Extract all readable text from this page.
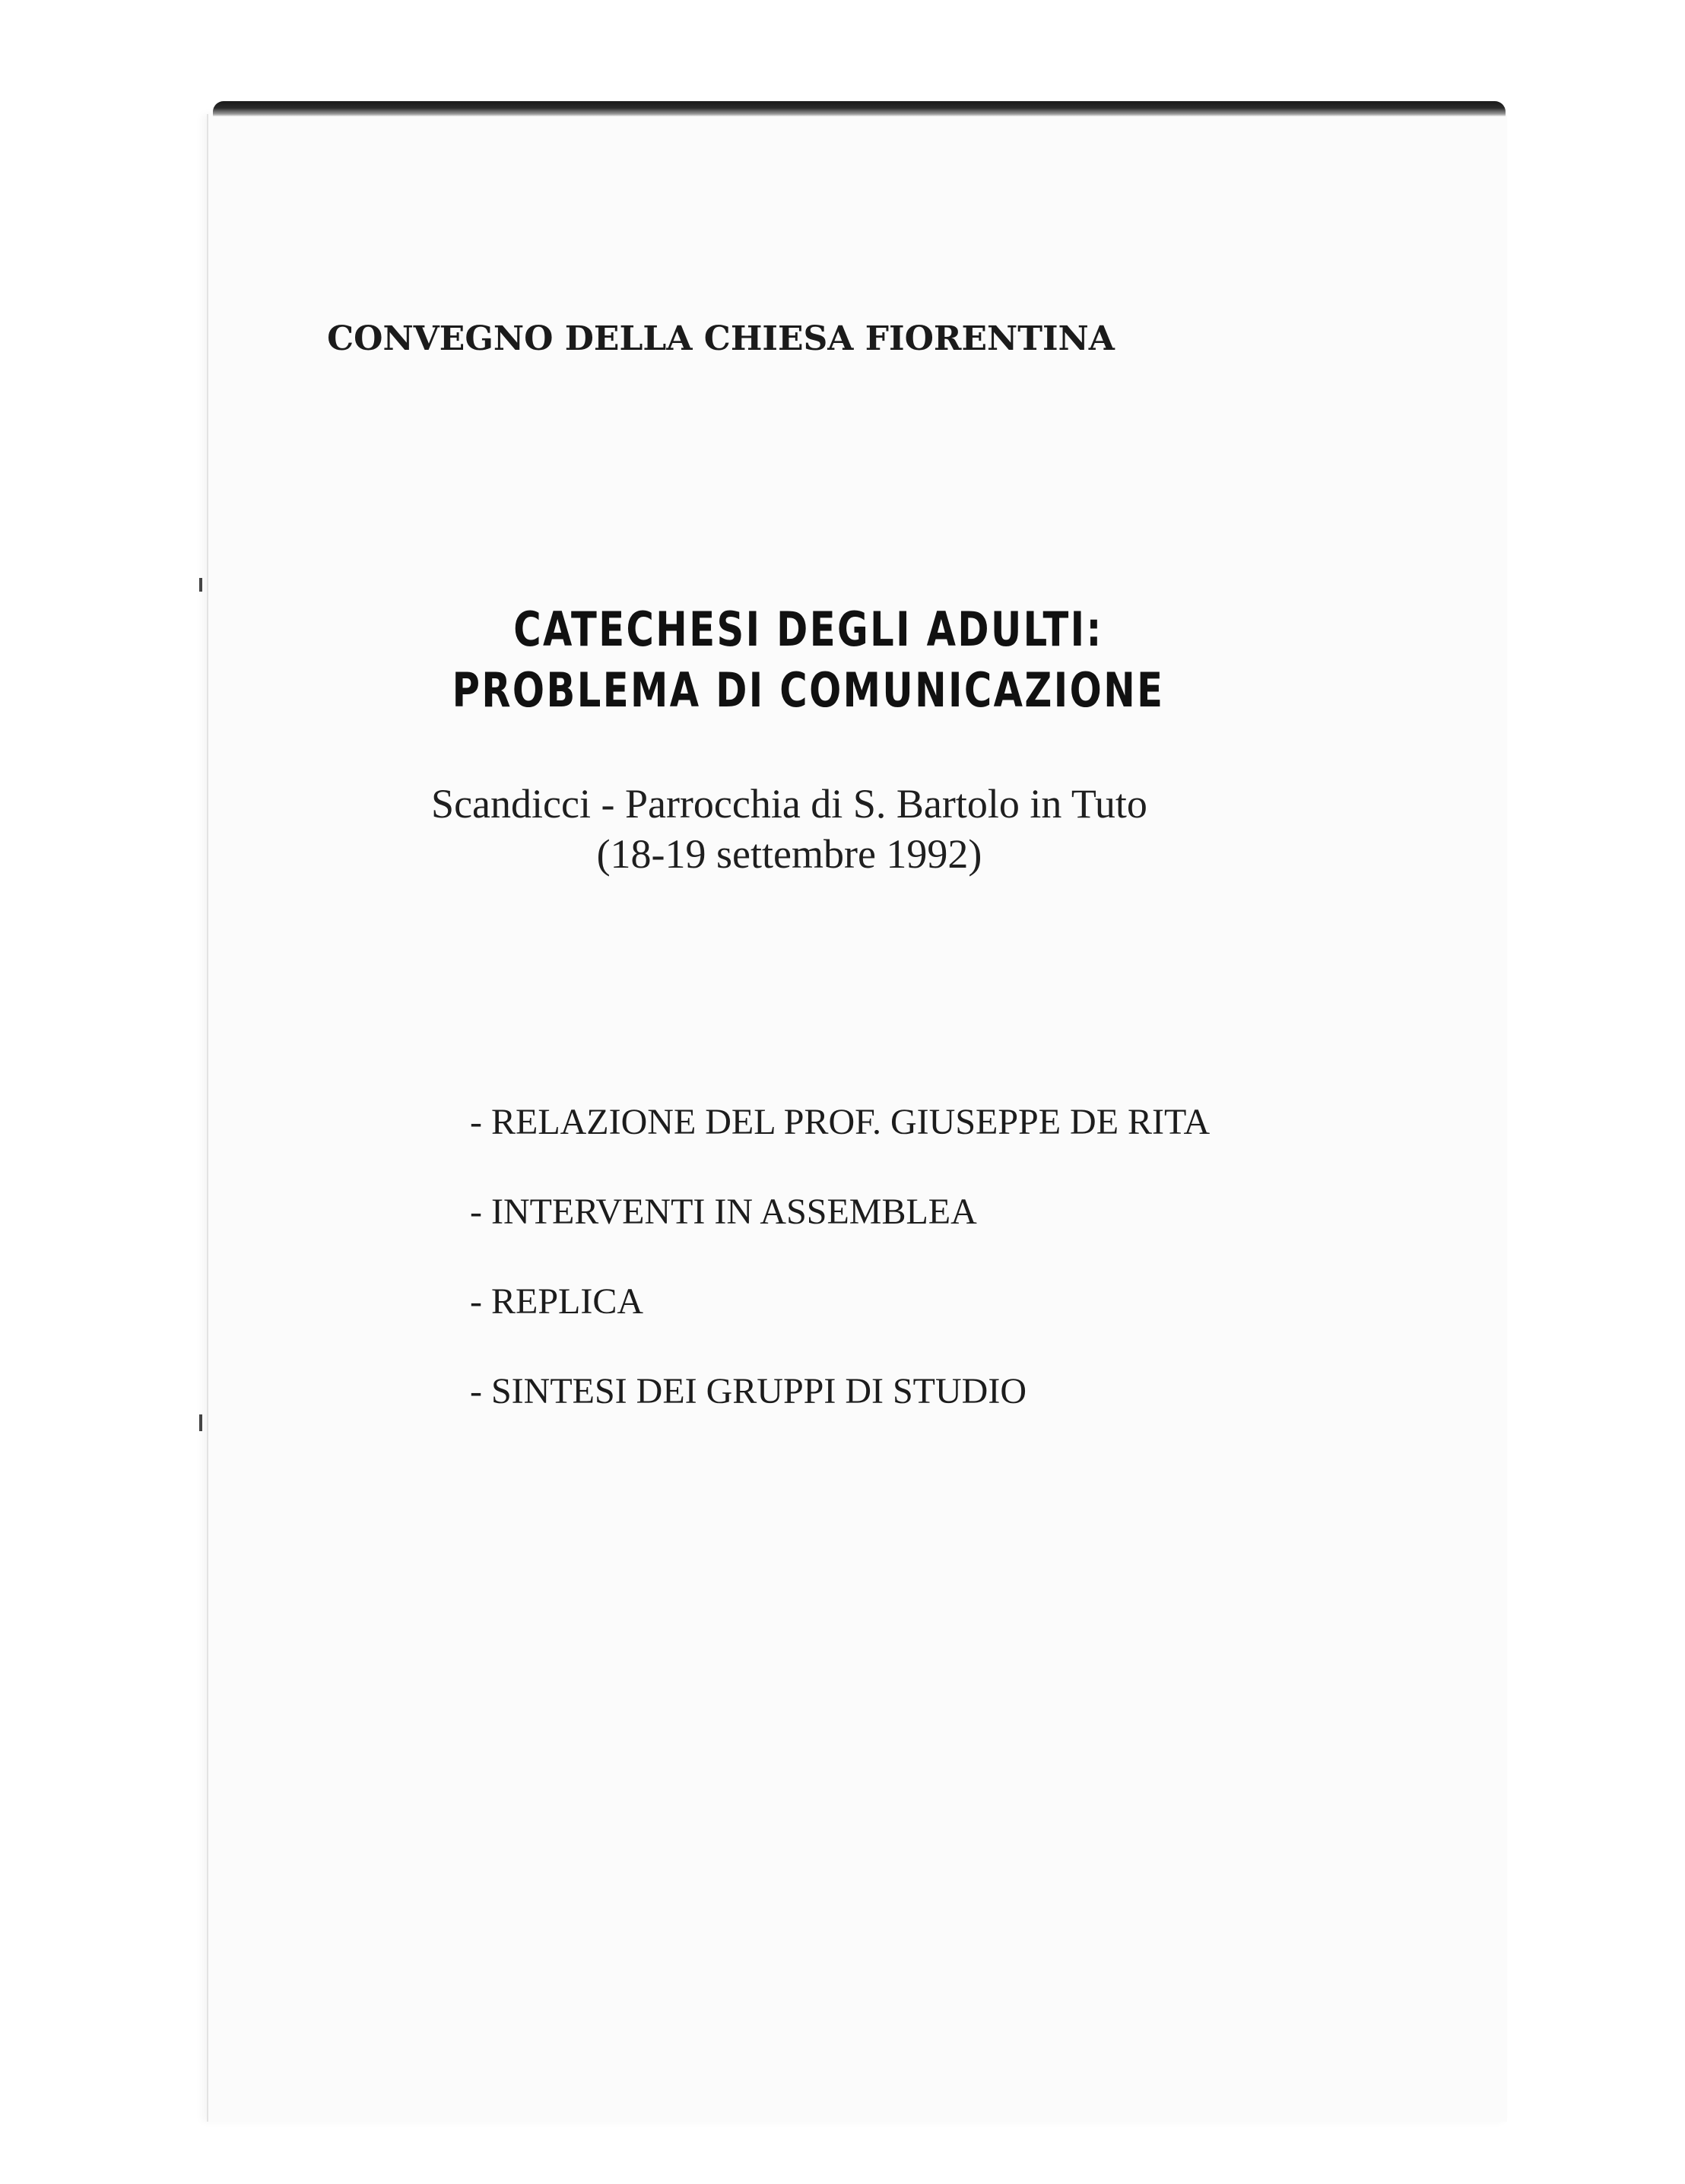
CONVEGNO DELLA CHIESA FIORENTINA
CATECHESI DEGLI ADULTI:
PROBLEMA DI COMUNICAZIONE
Scandicci - Parrocchia di S. Bartolo in Tuto
(18-19 settembre 1992)
- RELAZIONE DEL PROF. GIUSEPPE DE RITA
- INTERVENTI IN ASSEMBLEA
- REPLICA
- SINTESI DEI GRUPPI DI STUDIO
